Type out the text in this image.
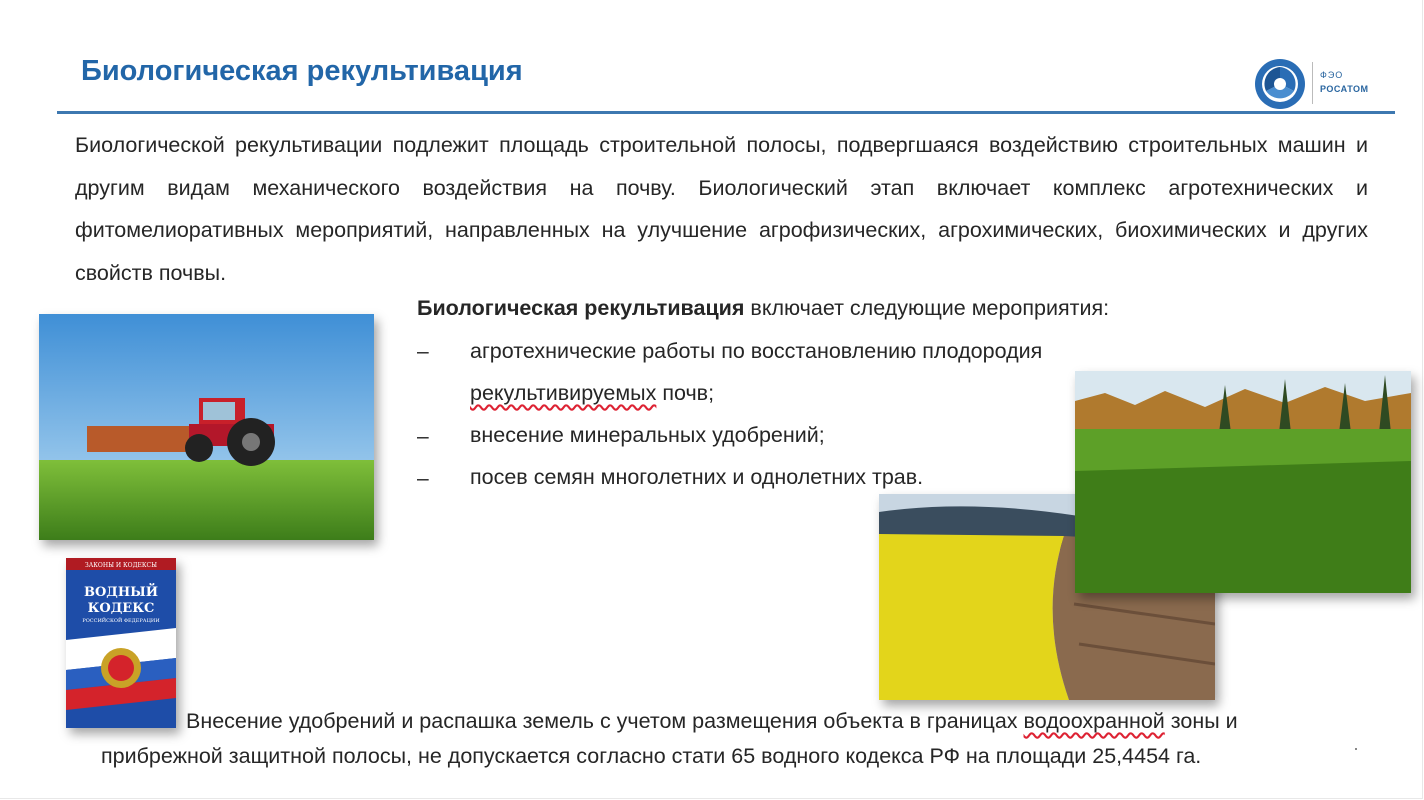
Биологическая рекультивация	ФЭО
РОСАТОМ
Биологической рекультивации подлежит площадь строительной полосы, подвергшаяся воздействию строительных машин и другим видам механического воздействия на почву. Биологический этап включает комплекс агротехнических и фитомелиоративных мероприятий, направленных на улучшение агрофизических, агрохимических, биохимических и других свойств почвы.
Биологическая рекультивация включает следующие мероприятия:
– агротехнические работы по восстановлению плодородия
рекультивируемых почв;
– внесение минеральных удобрений;
– посев семян многолетних и однолетних трав.
ЗАКОНЫ И КОДЕКСЫ
ВОДНЫЙ
КОДЕКС
РОССИЙСКОЙ ФЕДЕРАЦИИ
Внесение удобрений и распашка земель с учетом размещения объекта в границах водоохранной зоны и
прибрежной защитной полосы, не допускается согласно стати 65 водного кодекса РФ на площади 25,4454 га.
